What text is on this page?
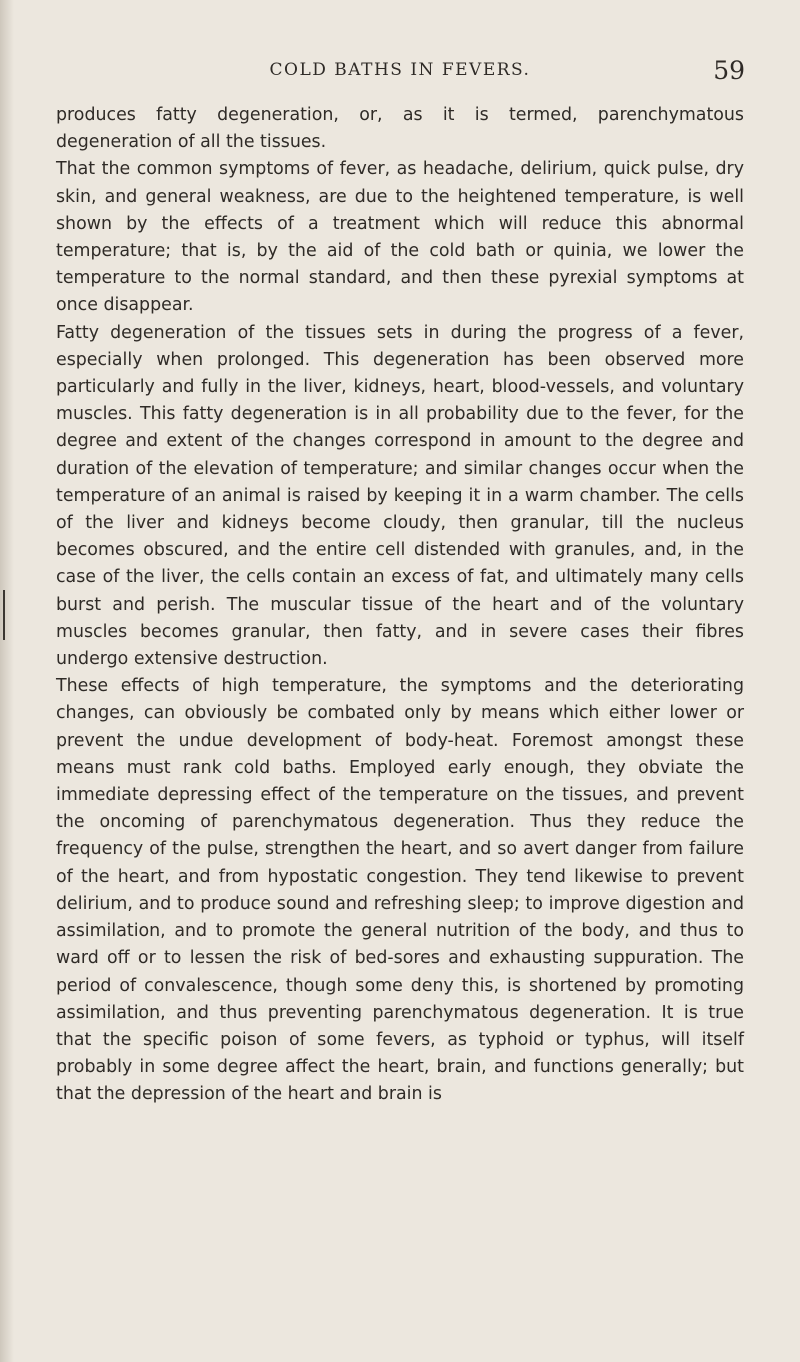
COLD BATHS IN FEVERS.	59

produces fatty degeneration, or, as it is termed, parenchymatous degeneration of all the tissues.

That the common symptoms of fever, as headache, delirium, quick pulse, dry skin, and general weakness, are due to the heightened temperature, is well shown by the effects of a treatment which will reduce this abnormal temperature; that is, by the aid of the cold bath or quinia, we lower the temperature to the normal standard, and then these pyrexial symptoms at once disappear.

Fatty degeneration of the tissues sets in during the progress of a fever, especially when prolonged. This degeneration has been observed more particularly and fully in the liver, kidneys, heart, blood-vessels, and voluntary muscles. This fatty degeneration is in all probability due to the fever, for the degree and extent of the changes correspond in amount to the degree and duration of the elevation of temperature; and similar changes occur when the temperature of an animal is raised by keeping it in a warm chamber. The cells of the liver and kidneys become cloudy, then granular, till the nucleus becomes obscured, and the entire cell distended with granules, and, in the case of the liver, the cells contain an excess of fat, and ultimately many cells burst and perish. The muscular tissue of the heart and of the voluntary muscles becomes granular, then fatty, and in severe cases their fibres undergo extensive destruction.

These effects of high temperature, the symptoms and the deteriorating changes, can obviously be combated only by means which either lower or prevent the undue development of body-heat. Foremost amongst these means must rank cold baths. Employed early enough, they obviate the immediate depressing effect of the temperature on the tissues, and prevent the oncoming of parenchymatous degeneration. Thus they reduce the frequency of the pulse, strengthen the heart, and so avert danger from failure of the heart, and from hypostatic congestion. They tend likewise to prevent delirium, and to produce sound and refreshing sleep; to improve digestion and assimilation, and to promote the general nutrition of the body, and thus to ward off or to lessen the risk of bed-sores and exhausting suppuration. The period of convalescence, though some deny this, is shortened by promoting assimilation, and thus preventing parenchymatous degeneration. It is true that the specific poison of some fevers, as typhoid or typhus, will itself probably in some degree affect the heart, brain, and functions generally; but that the depression of the heart and brain is
